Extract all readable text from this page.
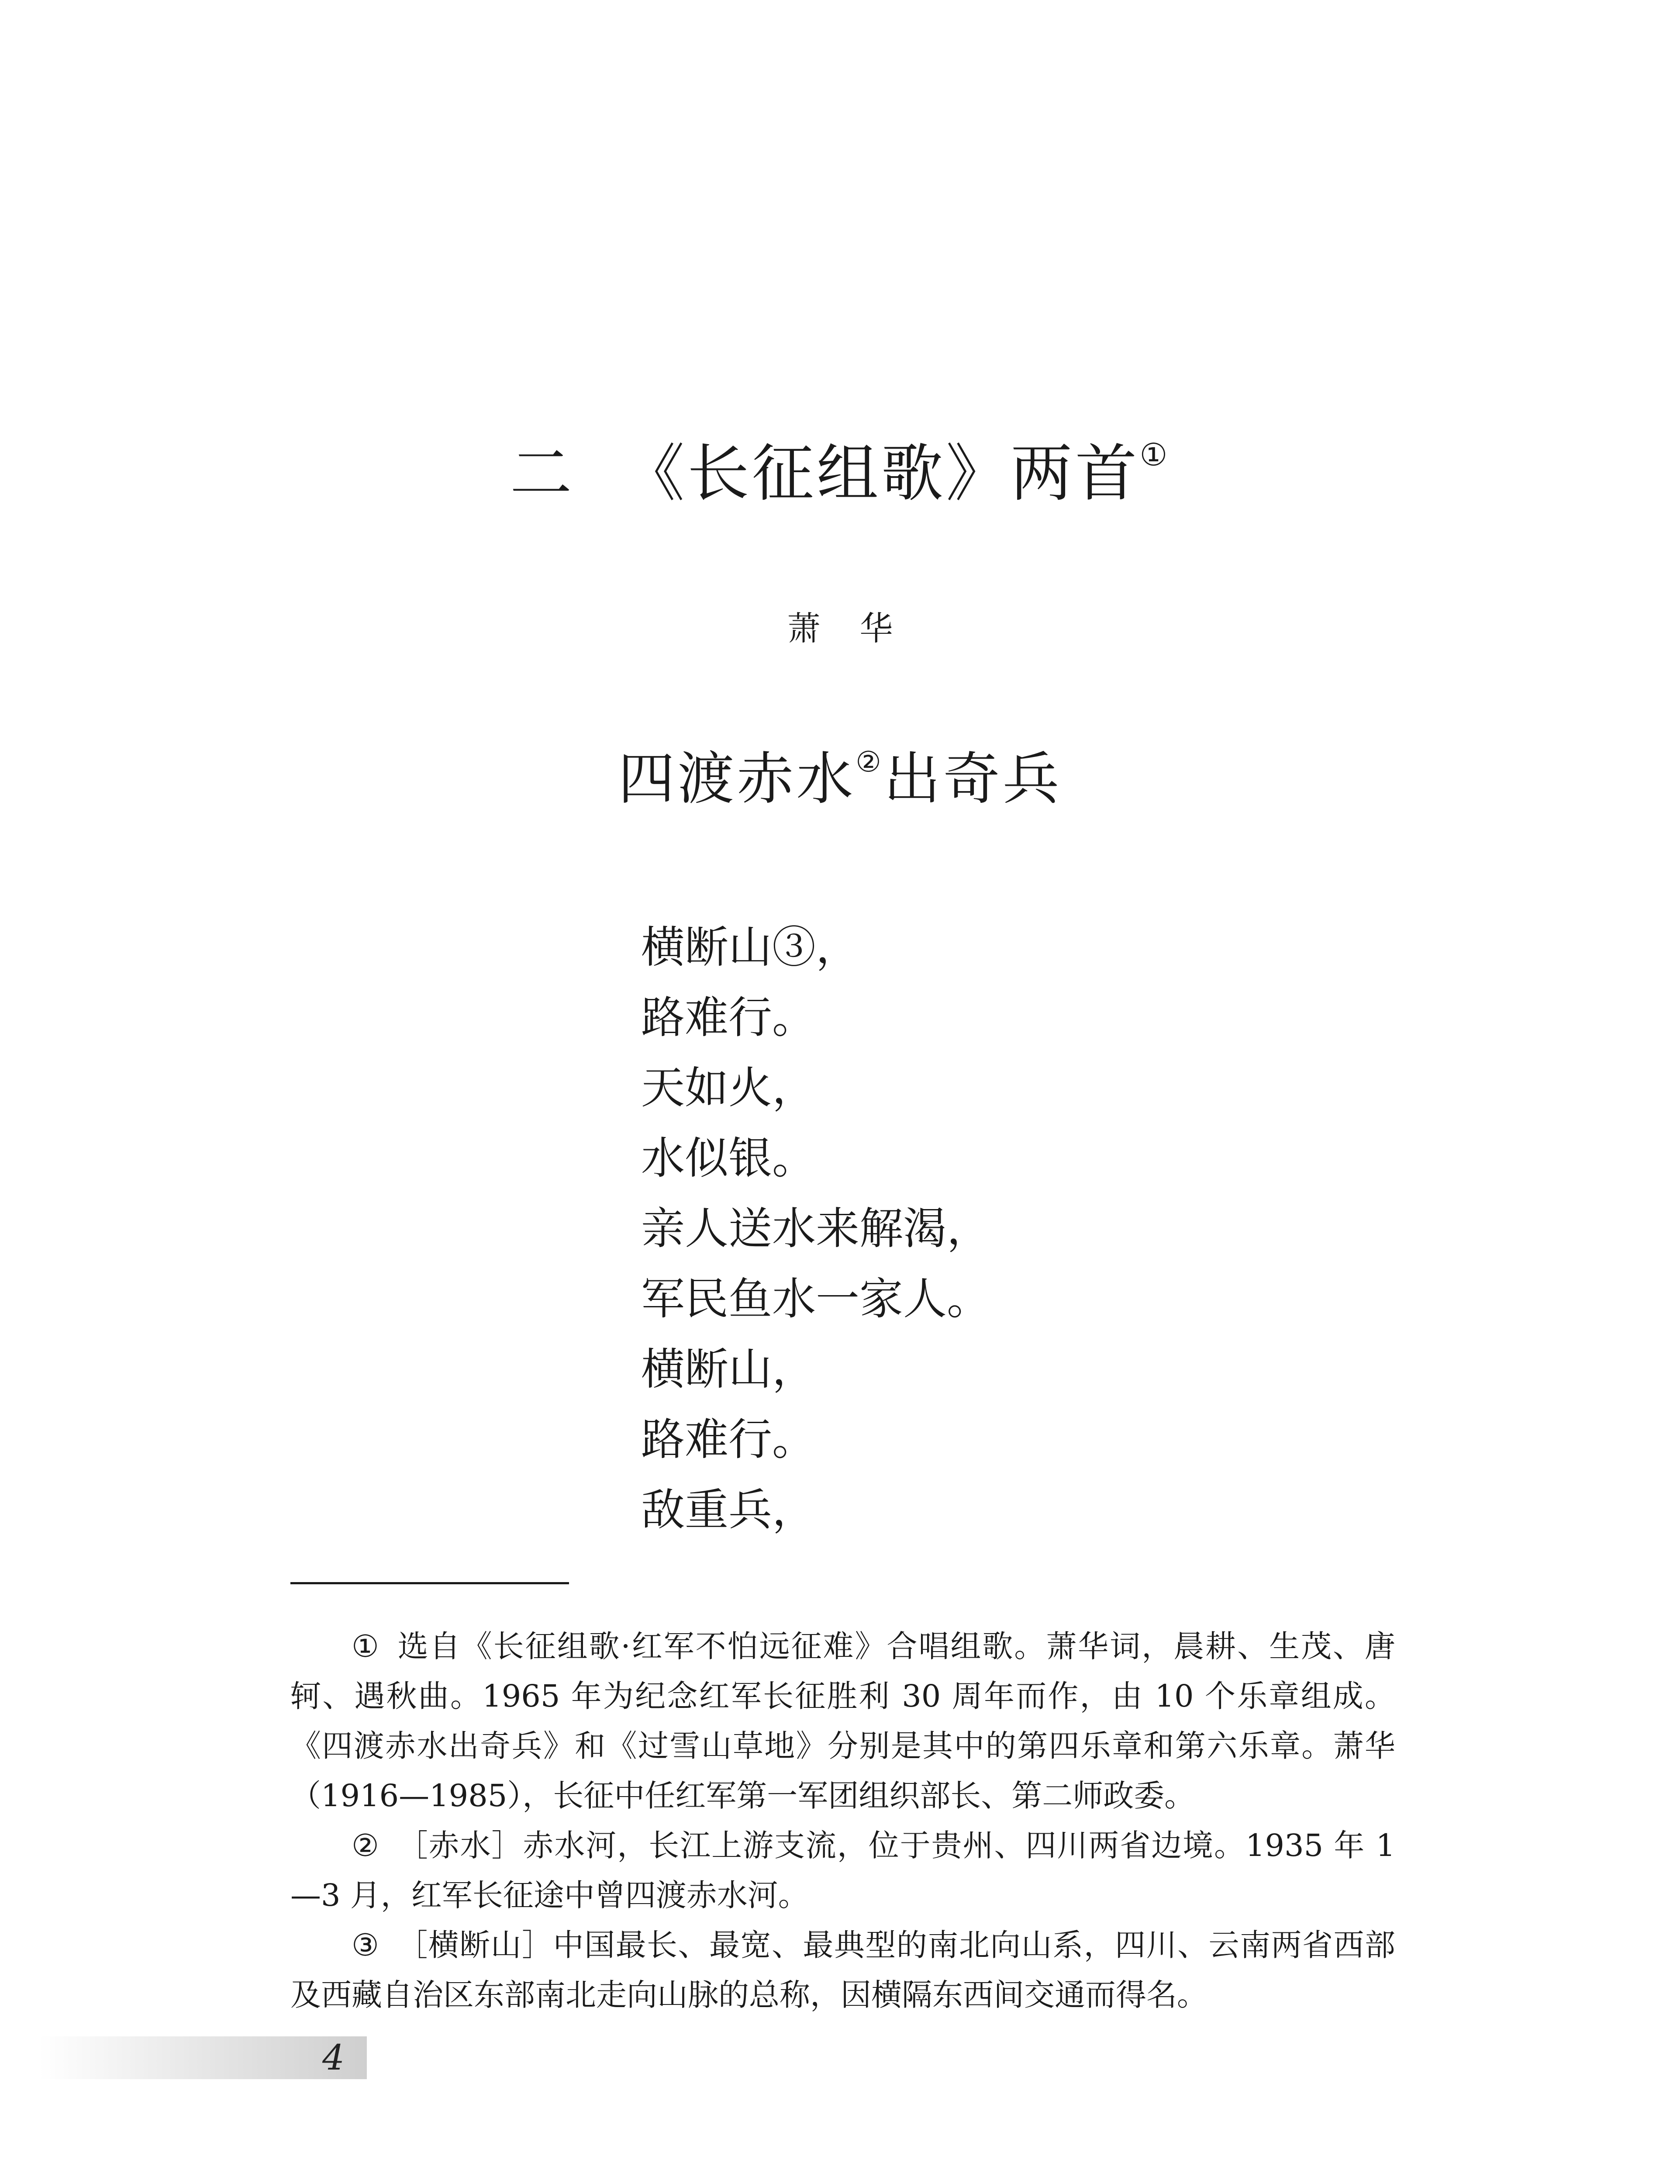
二 《长征组歌》两首①
萧华
四渡赤水②出奇兵
横断山③，
路难行。
天如火，
水似银。
亲人送水来解渴，
军民鱼水一家人。
横断山，
路难行。
敌重兵，

① 选自《长征组歌·红军不怕远征难》合唱组歌。萧华词，晨耕、生茂、唐轲、遇秋曲。1965 年为纪念红军长征胜利 30 周年而作，由 10 个乐章组成。《四渡赤水出奇兵》和《过雪山草地》分别是其中的第四乐章和第六乐章。萧华（1916—1985），长征中任红军第一军团组织部长、第二师政委。

② ［赤水］赤水河，长江上游支流，位于贵州、四川两省边境。1935 年 1—3 月，红军长征途中曾四渡赤水河。

③ ［横断山］中国最长、最宽、最典型的南北向山系，四川、云南两省西部及西藏自治区东部南北走向山脉的总称，因横隔东西间交通而得名。

4
